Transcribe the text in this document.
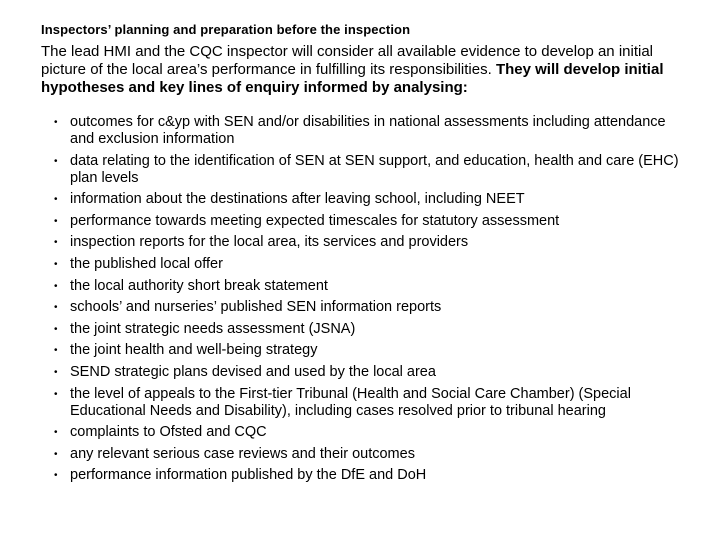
Inspectors’ planning and preparation before the inspection
The lead HMI and the CQC inspector will consider all available evidence to develop an initial picture of the local area’s performance in fulfilling its responsibilities. They will develop initial hypotheses and key lines of enquiry informed by analysing:
• outcomes for c&yp with SEN and/or disabilities in national assessments including attendance and exclusion information
• data relating to the identification of SEN at SEN support, and education, health and care (EHC) plan levels
• information about the destinations after leaving school, including NEET
• performance towards meeting expected timescales for statutory assessment
• inspection reports for the local area, its services and providers
• the published local offer
• the local authority short break statement
• schools’ and nurseries’ published SEN information reports
• the joint strategic needs assessment (JSNA)
• the joint health and well-being strategy
• SEND strategic plans devised and used by the local area
• the level of appeals to the First-tier Tribunal (Health and Social Care Chamber) (Special Educational Needs and Disability), including cases resolved prior to tribunal hearing
• complaints to Ofsted and CQC
• any relevant serious case reviews and their outcomes
• performance information published by the DfE and DoH
